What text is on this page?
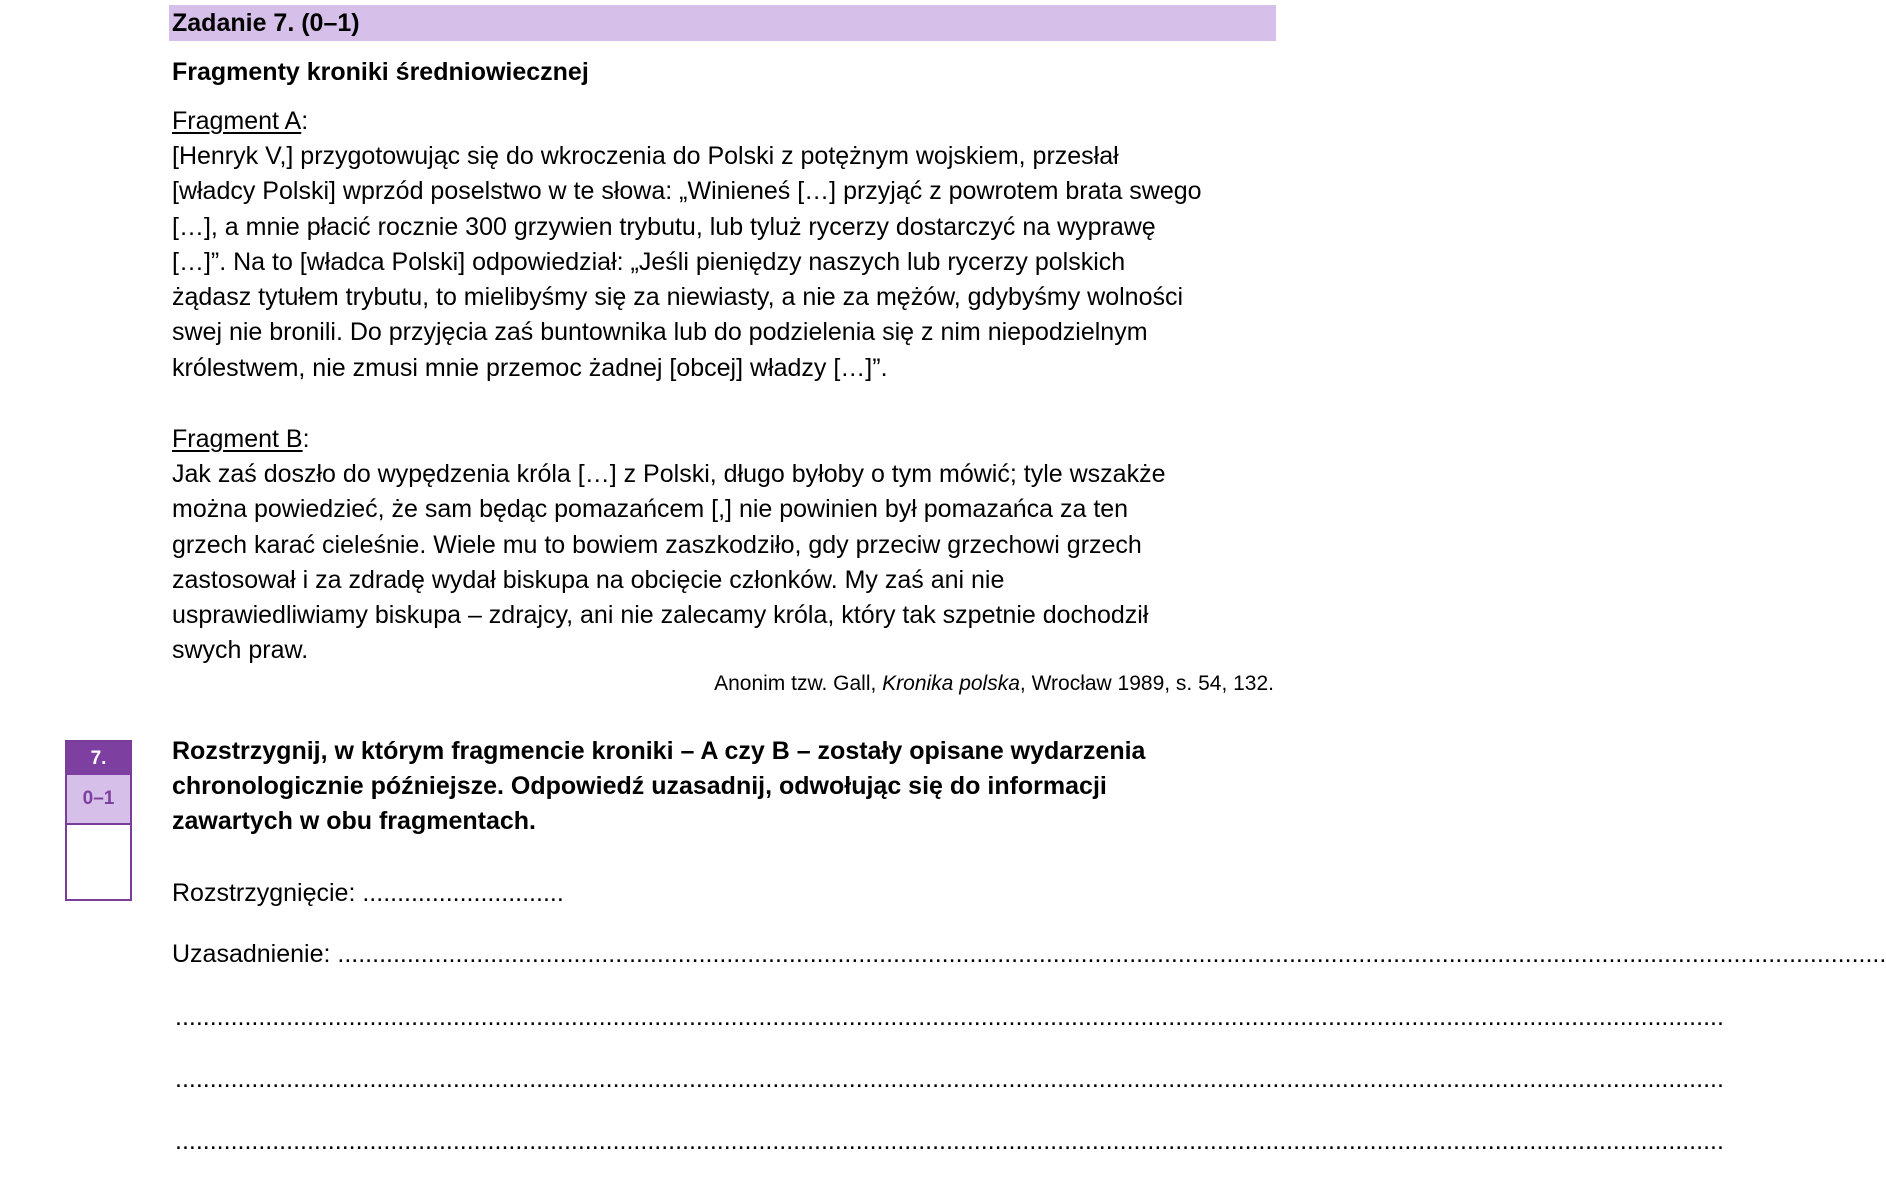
Zadanie 7. (0–1)
Fragmenty kroniki średniowiecznej
Fragment A:
[Henryk V,] przygotowując się do wkroczenia do Polski z potężnym wojskiem, przesłał
[władcy Polski] wprzód poselstwo w te słowa: „Winieneś […] przyjąć z powrotem brata swego
[…], a mnie płacić rocznie 300 grzywien trybutu, lub tyluż rycerzy dostarczyć na wyprawę
[…]”. Na to [władca Polski] odpowiedział: „Jeśli pieniędzy naszych lub rycerzy polskich
żądasz tytułem trybutu, to mielibyśmy się za niewiasty, a nie za mężów, gdybyśmy wolności
swej nie bronili. Do przyjęcia zaś buntownika lub do podzielenia się z nim niepodzielnym
królestwem, nie zmusi mnie przemoc żadnej [obcej] władzy […]”.
Fragment B:
Jak zaś doszło do wypędzenia króla […] z Polski, długo byłoby o tym mówić; tyle wszakże
można powiedzieć, że sam będąc pomazańcem [,] nie powinien był pomazańca za ten
grzech karać cieleśnie. Wiele mu to bowiem zaszkodziło, gdy przeciw grzechowi grzech
zastosował i za zdradę wydał biskupa na obcięcie członków. My zaś ani nie
usprawiedliwiamy biskupa – zdrajcy, ani nie zalecamy króla, który tak szpetnie dochodził
swych praw.
Anonim tzw. Gall, Kronika polska, Wrocław 1989, s. 54, 132.
7.
0–1
Rozstrzygnij, w którym fragmencie kroniki – A czy B – zostały opisane wydarzenia
chronologicznie późniejsze. Odpowiedź uzasadnij, odwołując się do informacji
zawartych w obu fragmentach.
Rozstrzygnięcie: .............................
Uzasadnienie: ...............................................................................................................................................................................................................................
...............................................................................................................................................................................................................................
...............................................................................................................................................................................................................................
...............................................................................................................................................................................................................................
